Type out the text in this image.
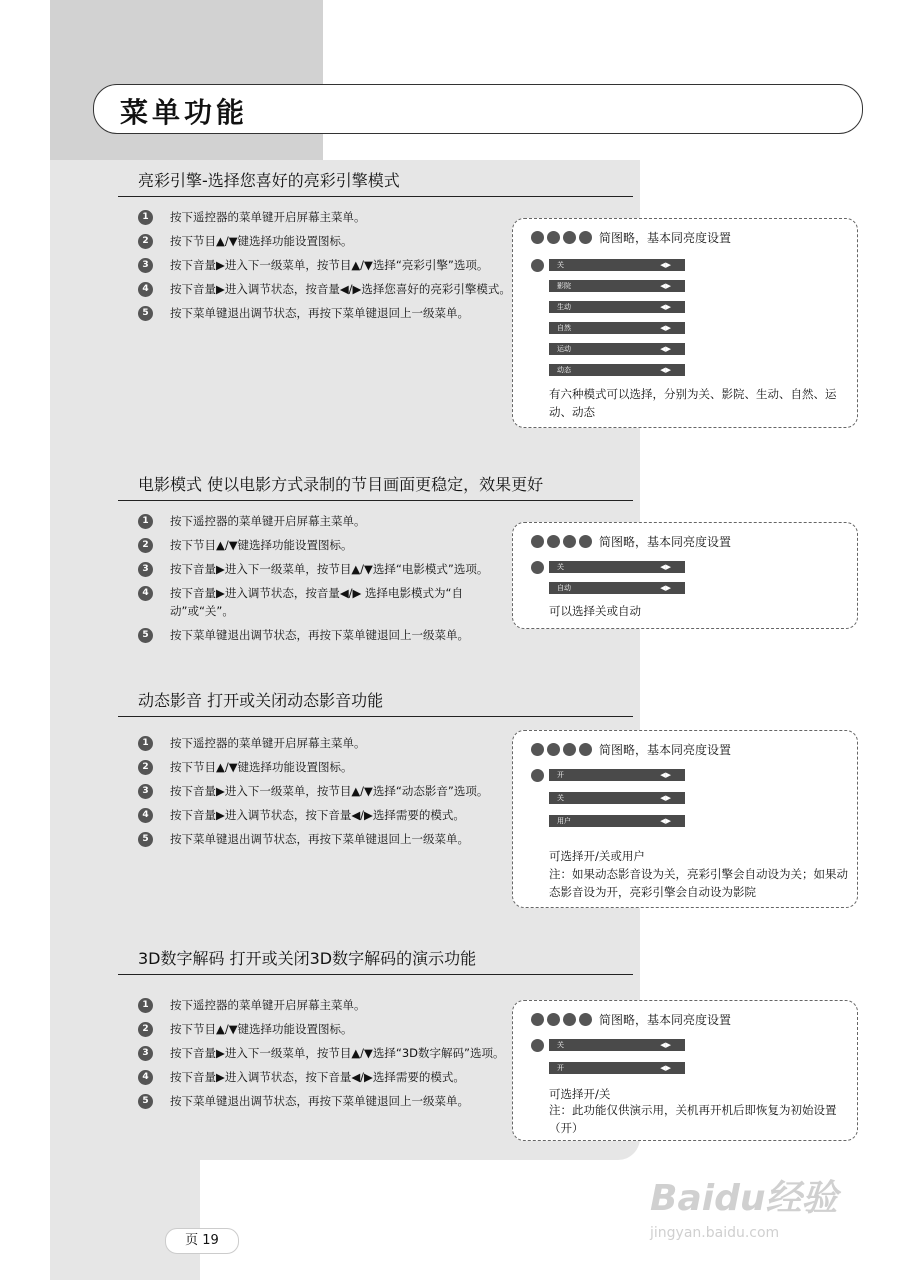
菜单功能
亮彩引擎-选择您喜好的亮彩引擎模式
1	按下遥控器的菜单键开启屏幕主菜单。
2	按下节目▲/▼键选择功能设置图标。
3	按下音量▶进入下一级菜单，按节目▲/▼选择“亮彩引擎”选项。
4	按下音量▶进入调节状态，按音量◀/▶选择您喜好的亮彩引擎模式。
5	按下菜单键退出调节状态，再按下菜单键退回上一级菜单。
简图略，基本同亮度设置
关	◀▶
影院	◀▶
生动	◀▶
自然	◀▶
运动	◀▶
动态	◀▶
有六种模式可以选择，分别为关、影院、生动、自然、运动、动态
电影模式 使以电影方式录制的节目画面更稳定，效果更好
1	按下遥控器的菜单键开启屏幕主菜单。
2	按下节目▲/▼键选择功能设置图标。
3	按下音量▶进入下一级菜单，按节目▲/▼选择“电影模式”选项。
4	按下音量▶进入调节状态，按音量◀/▶ 选择电影模式为“自动”或“关”。
5	按下菜单键退出调节状态，再按下菜单键退回上一级菜单。
简图略，基本同亮度设置
关	◀▶
自动	◀▶
可以选择关或自动
动态影音 打开或关闭动态影音功能
1	按下遥控器的菜单键开启屏幕主菜单。
2	按下节目▲/▼键选择功能设置图标。
3	按下音量▶进入下一级菜单，按节目▲/▼选择“动态影音”选项。
4	按下音量▶进入调节状态，按下音量◀/▶选择需要的模式。
5	按下菜单键退出调节状态，再按下菜单键退回上一级菜单。
简图略，基本同亮度设置
开	◀▶
关	◀▶
用户	◀▶
可选择开/关或用户
注：如果动态影音设为关，亮彩引擎会自动设为关；如果动态影音设为开，亮彩引擎会自动设为影院
3D数字解码 打开或关闭3D数字解码的演示功能
1	按下遥控器的菜单键开启屏幕主菜单。
2	按下节目▲/▼键选择功能设置图标。
3	按下音量▶进入下一级菜单，按节目▲/▼选择“3D数字解码”选项。
4	按下音量▶进入调节状态，按下音量◀/▶选择需要的模式。
5	按下菜单键退出调节状态，再按下菜单键退回上一级菜单。
简图略，基本同亮度设置
关	◀▶
开	◀▶
可选择开/关
注：此功能仅供演示用，关机再开机后即恢复为初始设置（开）
页 19
Baidu经验
jingyan.baidu.com
